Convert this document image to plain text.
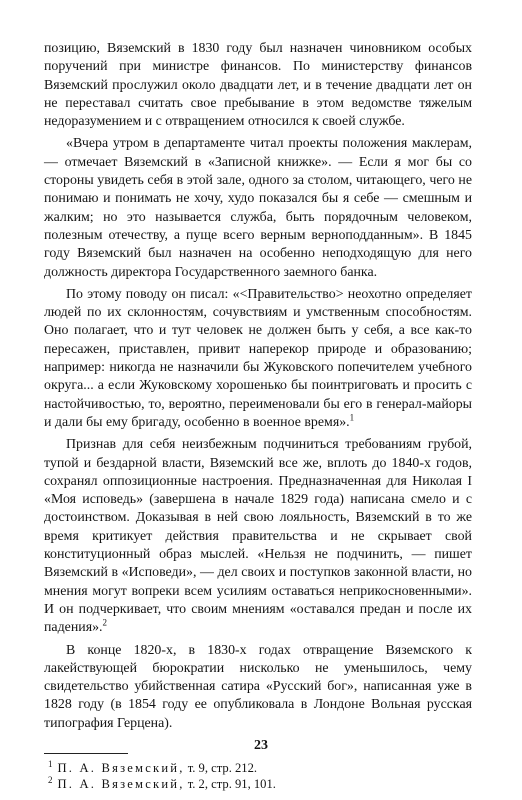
позицию, Вяземский в 1830 году был назначен чиновником особых поручений при министре финансов. По министерству финансов Вяземский прослужил около двадцати лет, и в течение двадцати лет он не переставал считать свое пребывание в этом ведомстве тяжелым недоразумением и с отвращением относился к своей службе.

«Вчера утром в департаменте читал проекты положения маклерам, — отмечает Вяземский в «Записной книжке». — Если я мог бы со стороны увидеть себя в этой зале, одного за столом, читающего, чего не понимаю и понимать не хочу, худо показался бы я себе — смешным и жалким; но это называется служба, быть порядочным человеком, полезным отечеству, а пуще всего верным верноподданным». В 1845 году Вяземский был назначен на особенно неподходящую для него должность директора Государственного заемного банка.

По этому поводу он писал: «<Правительство> неохотно определяет людей по их склонностям, сочувствиям и умственным способностям. Оно полагает, что и тут человек не должен быть у себя, а все как-то пересажен, приставлен, привит наперекор природе и образованию; например: никогда не назначили бы Жуковского попечителем учебного округа... а если Жуковскому хорошенько бы поинтриговать и просить с настойчивостью, то, вероятно, переименовали бы его в генерал-майоры и дали бы ему бригаду, особенно в военное время».$^1$

Признав для себя неизбежным подчиниться требованиям грубой, тупой и бездарной власти, Вяземский все же, вплоть до 1840-х годов, сохранял оппозиционные настроения. Предназначенная для Николая I «Моя исповедь» (завершена в начале 1829 года) написана смело и с достоинством. Доказывая в ней свою лояльность, Вяземский в то же время критикует действия правительства и не скрывает свой конституционный образ мыслей. «Нельзя не подчинить, — пишет Вяземский в «Исповеди», — дел своих и поступков законной власти, но мнения могут вопреки всем усилиям оставаться неприкосновенными». И он подчеркивает, что своим мнениям «оставался предан и после их падения».$^2$

В конце 1820-х, в 1830-х годах отвращение Вяземского к лакействующей бюрократии нисколько не уменьшилось, чему свидетельство убийственная сатира «Русский бог», написанная уже в 1828 году (в 1854 году ее опубликовала в Лондоне Вольная русская типография Герцена).

$^1$ П. А. Вяземский, т. 9, стр. 212.

$^2$ П. А. Вяземский, т. 2, стр. 91, 101.

23
